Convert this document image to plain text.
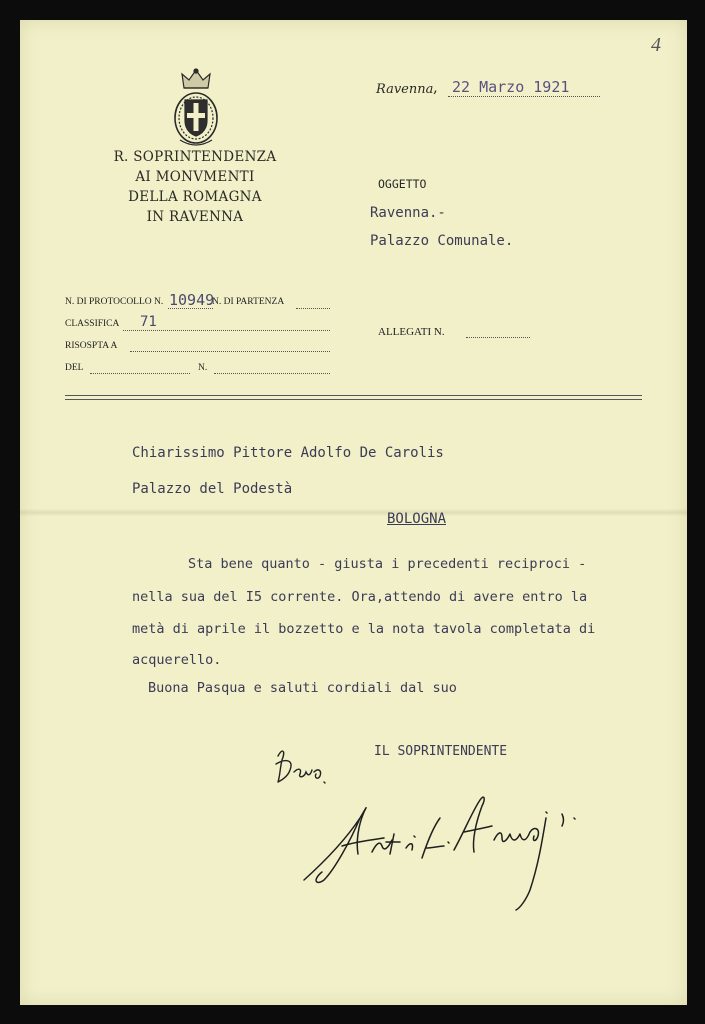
4
R. SOPRINTENDENZA
AI MONVMENTI
DELLA ROMAGNA
IN RAVENNA
Ravenna , 22 Marzo 1921
OGGETTO
Ravenna.-
Palazzo Comunale.
N. DI PROTOCOLLO N. 10949
N. DI PARTENZA
CLASSIFICA 71
RISOSPTA A
DEL	N.
ALLEGATI N.
Chiarissimo Pittore Adolfo De Carolis
Palazzo del Podestà
BOLOGNA
Sta bene quanto - giusta i precedenti reciproci -
nella sua del I5 corrente. Ora,attendo di avere entro la
metà di aprile il bozzetto e la nota tavola completata di
acquerello.
Buona Pasqua e saluti cordiali dal suo
IL SOPRINTENDENTE
